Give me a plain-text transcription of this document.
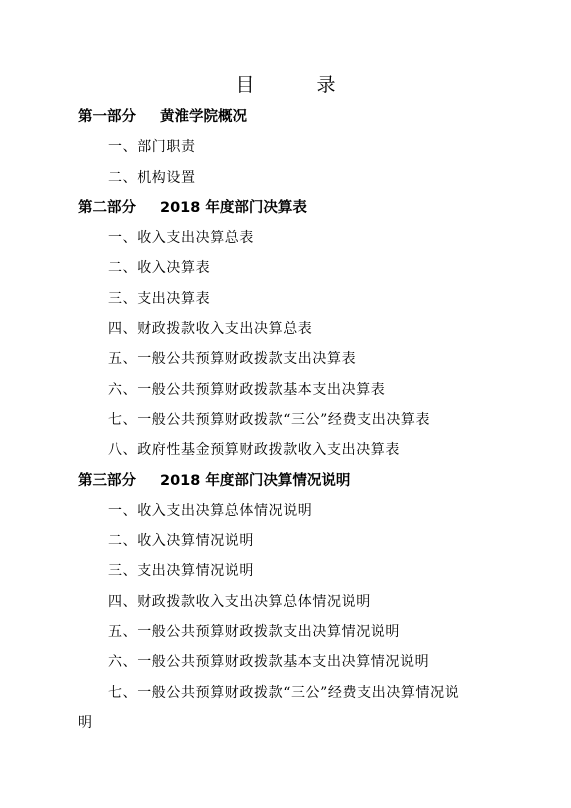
目 录
第一部分 黄淮学院概况
一、部门职责
二、机构设置
第二部分 2018 年度部门决算表
一、收入支出决算总表
二、收入决算表
三、支出决算表
四、财政拨款收入支出决算总表
五、一般公共预算财政拨款支出决算表
六、一般公共预算财政拨款基本支出决算表
七、一般公共预算财政拨款“三公”经费支出决算表
八、政府性基金预算财政拨款收入支出决算表
第三部分 2018 年度部门决算情况说明
一、收入支出决算总体情况说明
二、收入决算情况说明
三、支出决算情况说明
四、财政拨款收入支出决算总体情况说明
五、一般公共预算财政拨款支出决算情况说明
六、一般公共预算财政拨款基本支出决算情况说明
七、一般公共预算财政拨款“三公”经费支出决算情况说
明
